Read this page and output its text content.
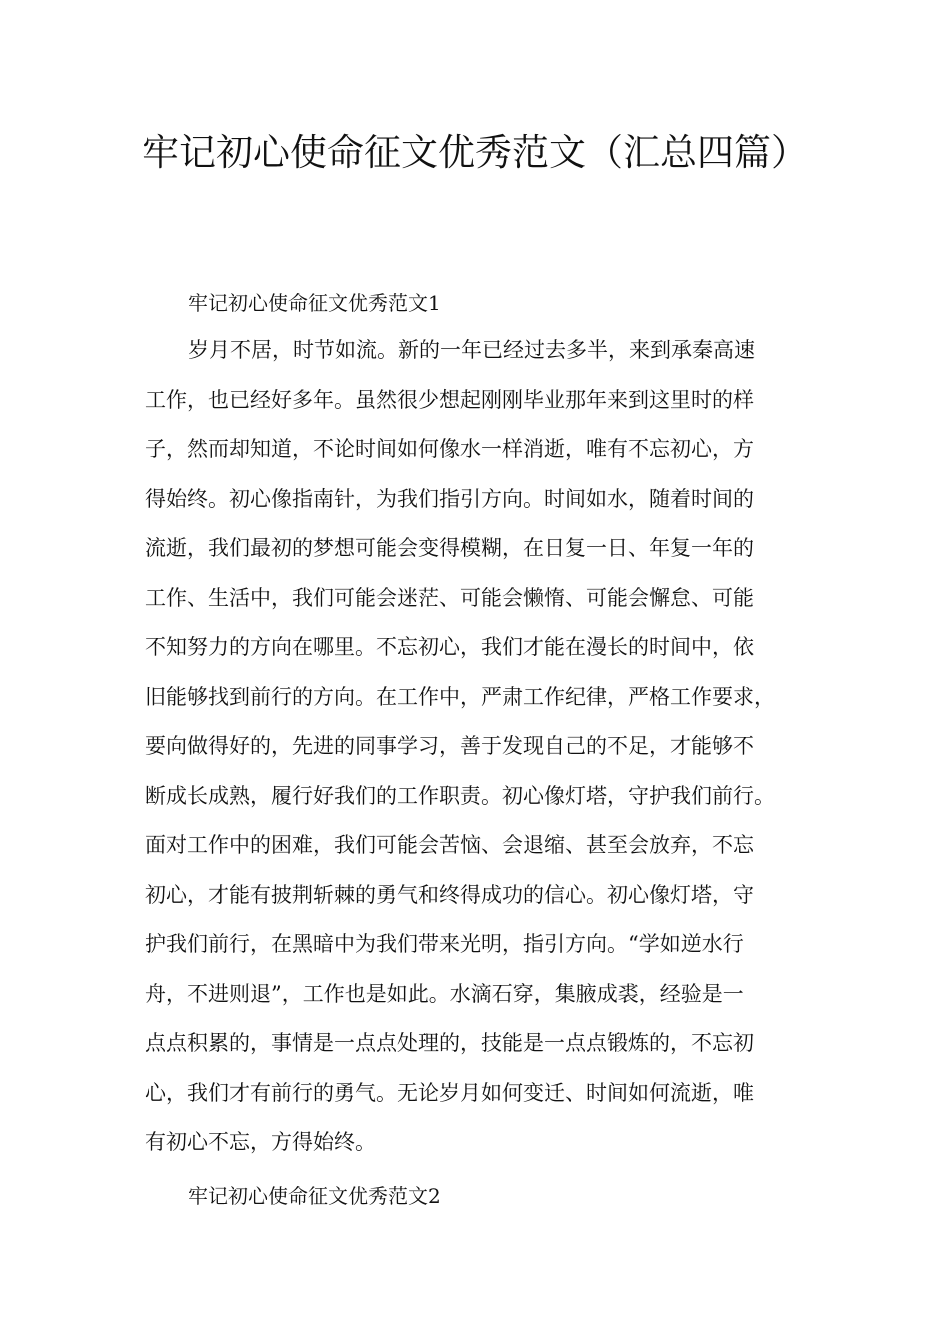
牢记初心使命征文优秀范文（汇总四篇）
牢记初心使命征文优秀范文1
岁月不居，时节如流。新的一年已经过去多半，来到承秦高速
工作，也已经好多年。虽然很少想起刚刚毕业那年来到这里时的样
子，然而却知道，不论时间如何像水一样消逝，唯有不忘初心，方
得始终。初心像指南针，为我们指引方向。时间如水，随着时间的
流逝，我们最初的梦想可能会变得模糊，在日复一日、年复一年的
工作、生活中，我们可能会迷茫、可能会懒惰、可能会懈怠、可能
不知努力的方向在哪里。不忘初心，我们才能在漫长的时间中，依
旧能够找到前行的方向。在工作中，严肃工作纪律，严格工作要求，
要向做得好的，先进的同事学习，善于发现自己的不足，才能够不
断成长成熟，履行好我们的工作职责。初心像灯塔，守护我们前行。
面对工作中的困难，我们可能会苦恼、会退缩、甚至会放弃，不忘
初心，才能有披荆斩棘的勇气和终得成功的信心。初心像灯塔，守
护我们前行，在黑暗中为我们带来光明，指引方向。“学如逆水行
舟，不进则退”，工作也是如此。水滴石穿，集腋成裘，经验是一
点点积累的，事情是一点点处理的，技能是一点点锻炼的，不忘初
心，我们才有前行的勇气。无论岁月如何变迁、时间如何流逝，唯
有初心不忘，方得始终。
牢记初心使命征文优秀范文2
